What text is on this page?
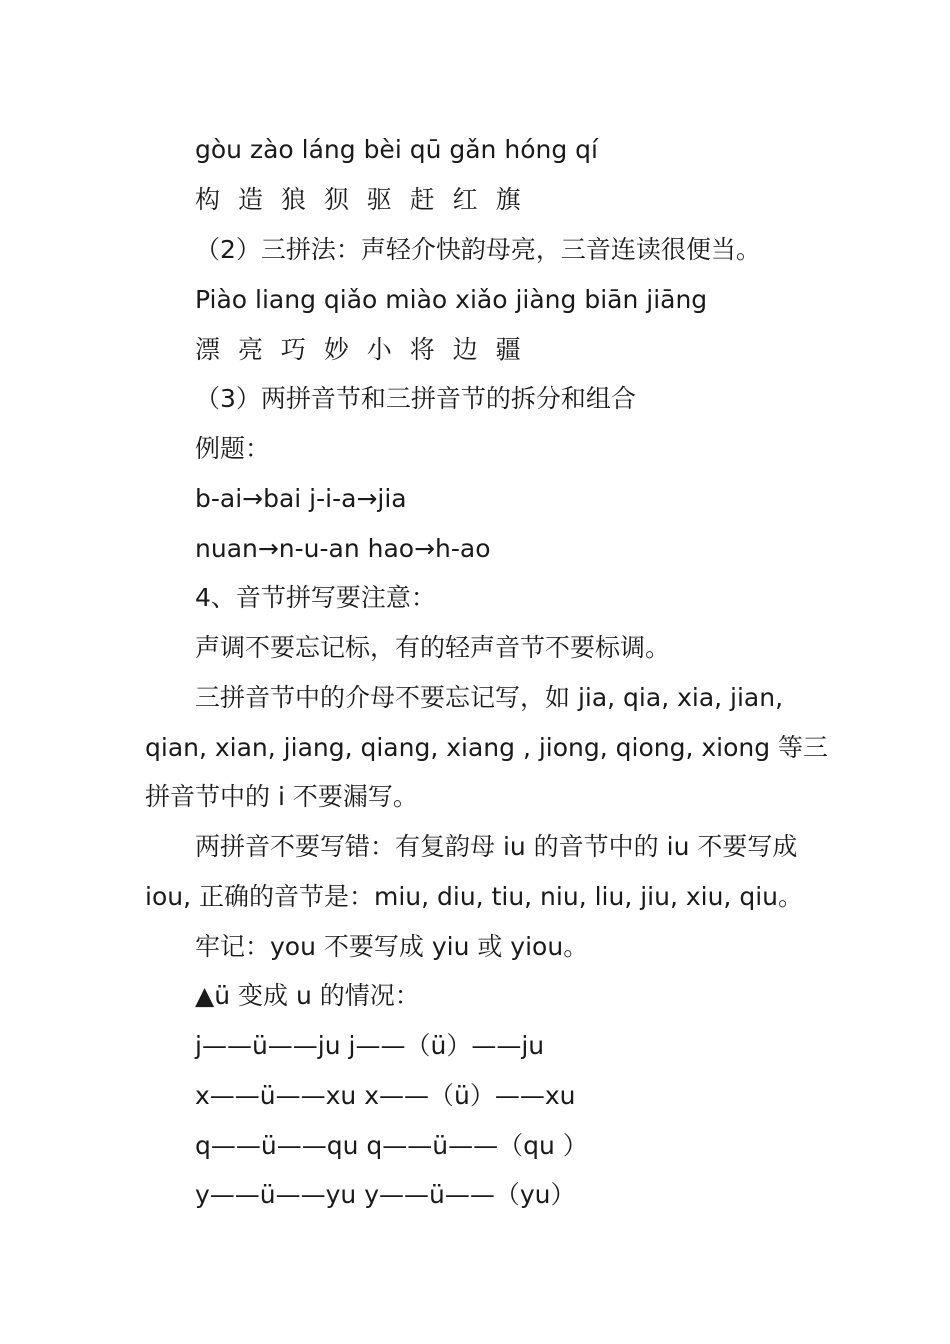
gòu zào láng bèi qū gǎn hóng qí
构 造 狼 狈 驱 赶 红 旗
（2）三拼法：声轻介快韵母亮，三音连读很便当。
Piào liang qiǎo miào xiǎo jiàng biān jiāng
漂 亮 巧 妙 小 将 边 疆
（3）两拼音节和三拼音节的拆分和组合
例题：
b-ai→bai j-i-a→jia
nuan→n-u-an hao→h-ao
4、音节拼写要注意：
声调不要忘记标，有的轻声音节不要标调。
三拼音节中的介母不要忘记写，如 jia, qia, xia, jian,
qian, xian, jiang, qiang, xiang , jiong, qiong, xiong 等三
拼音节中的 i 不要漏写。
两拼音不要写错：有复韵母 iu 的音节中的 iu 不要写成
iou, 正确的音节是：miu, diu, tiu, niu, liu, jiu, xiu, qiu。
牢记：you 不要写成 yiu 或 yiou。
▲ü 变成 u 的情况：
j——ü——ju j——（ü）——ju
x——ü——xu x——（ü）——xu
q——ü——qu q——ü——（qu ）
y——ü——yu y——ü——（yu）
